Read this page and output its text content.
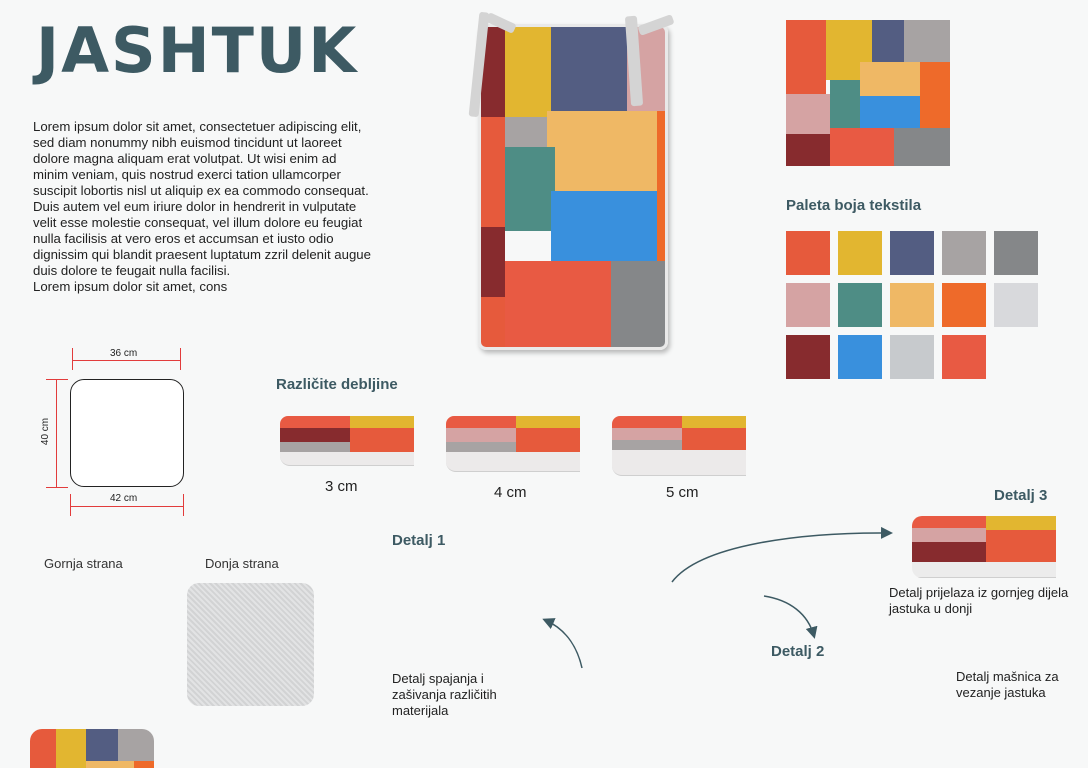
JASHTUK
Lorem ipsum dolor sit amet, consectetuer adipiscing elit, sed diam nonummy nibh euismod tincidunt ut laoreet dolore magna aliquam erat volutpat. Ut wisi enim ad minim veniam, quis nostrud exerci tation ullamcorper suscipit lobortis nisl ut aliquip ex ea commodo consequat. Duis autem vel eum iriure dolor in hendrerit in vulputate velit esse molestie consequat, vel illum dolore eu feugiat nulla facilisis at vero eros et accumsan et iusto odio dignissim qui blandit praesent luptatum zzril delenit augue duis dolore te feugait nulla facilisi.
Lorem ipsum dolor sit amet, cons
Paleta boja tekstila
36 cm
40 cm
42 cm
Različite debljine
3 cm	4 cm	5 cm
Gornja strana	Donja strana
Detalj 1
Detalj spajanja i zašivanja različitih materijala
Detalj 3
Detalj prijelaza iz gornjeg dijela jastuka u donji
Detalj 2
Detalj mašnica za vezanje jastuka
